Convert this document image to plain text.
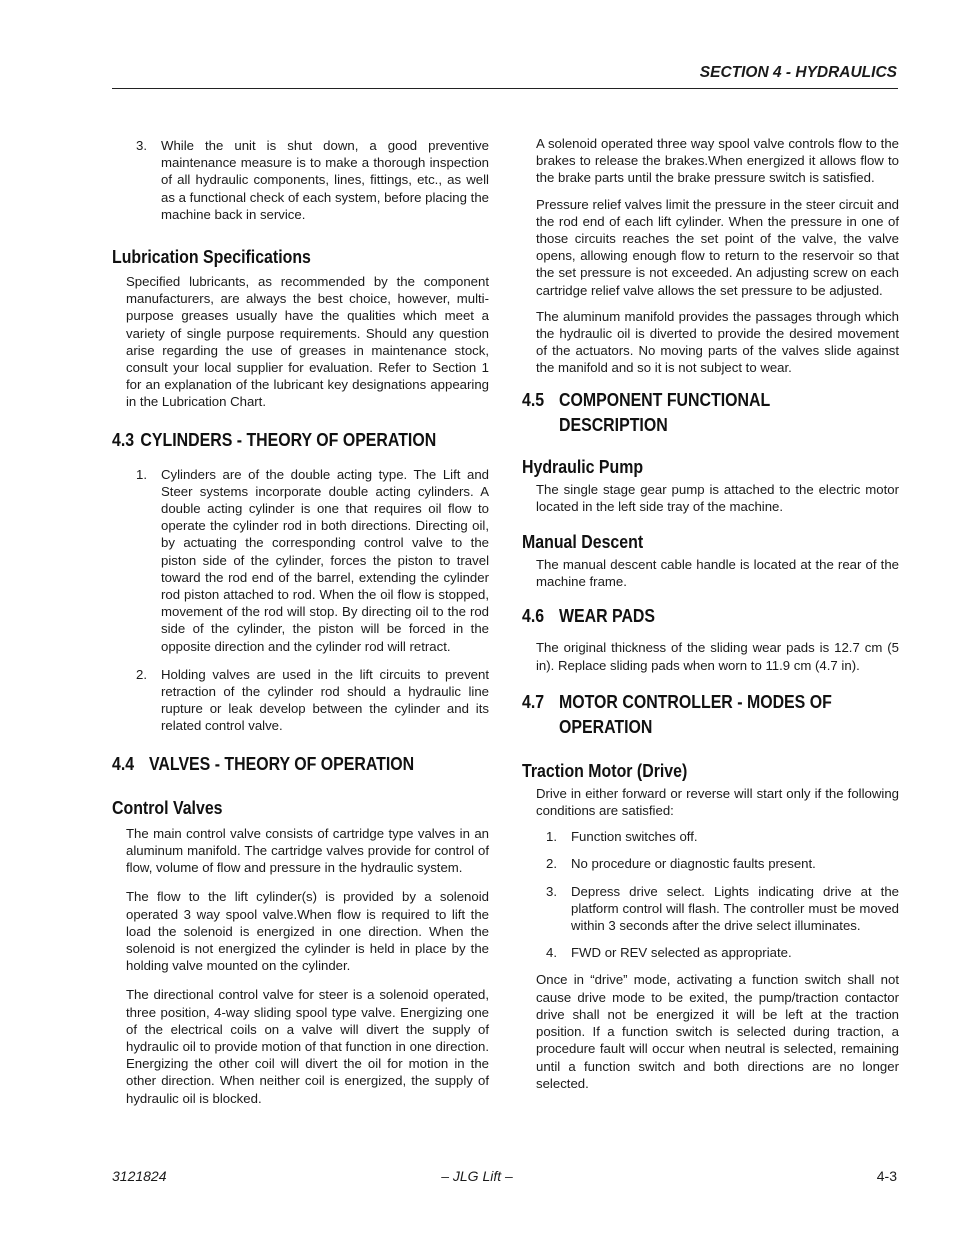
SECTION 4 - HYDRAULICS
3.	While the unit is shut down, a good preventive maintenance measure is to make a thorough inspection of all hydraulic components, lines, fittings, etc., as well as a functional check of each system, before placing the machine back in service.
Lubrication Specifications

Specified lubricants, as recommended by the component manufacturers, are always the best choice, however, multi-purpose greases usually have the qualities which meet a variety of single purpose requirements. Should any question arise regarding the use of greases in maintenance stock, consult your local supplier for evaluation. Refer to Section 1 for an explanation of the lubricant key designations appearing in the Lubrication Chart.

4.3 CYLINDERS - THEORY OF OPERATION
1.	Cylinders are of the double acting type. The Lift and Steer systems incorporate double acting cylinders. A double acting cylinder is one that requires oil flow to operate the cylinder rod in both directions. Directing oil, by actuating the corresponding control valve to the piston side of the cylinder, forces the piston to travel toward the rod end of the barrel, extending the cylinder rod piston attached to rod. When the oil flow is stopped, movement of the rod will stop. By directing oil to the rod side of the cylinder, the piston will be forced in the opposite direction and the cylinder rod will retract.
2.	Holding valves are used in the lift circuits to prevent retraction of the cylinder rod should a hydraulic line rupture or leak develop between the cylinder and its related control valve.
4.4 VALVES - THEORY OF OPERATION
Control Valves

The main control valve consists of cartridge type valves in an aluminum manifold. The cartridge valves provide for control of flow, volume of flow and pressure in the hydraulic system.

The flow to the lift cylinder(s) is provided by a solenoid operated 3 way spool valve.When flow is required to lift the load the solenoid is energized in one direction. When the solenoid is not energized the cylinder is held in place by the holding valve mounted on the cylinder.

The directional control valve for steer is a solenoid operated, three position, 4-way sliding spool type valve. Energizing one of the electrical coils on a valve will divert the supply of hydraulic oil to provide motion of that function in one direction. Energizing the other coil will divert the oil for motion in the other direction. When neither coil is energized, the supply of hydraulic oil is blocked.

A solenoid operated three way spool valve controls flow to the brakes to release the brakes.When energized it allows flow to the brake parts until the brake pressure switch is satisfied.

Pressure relief valves limit the pressure in the steer circuit and the rod end of each lift cylinder. When the pressure in one of those circuits reaches the set point of the valve, the valve opens, allowing enough flow to return to the reservoir so that the set pressure is not exceeded. An adjusting screw on each cartridge relief valve allows the set pressure to be adjusted.

The aluminum manifold provides the passages through which the hydraulic oil is diverted to provide the desired movement of the actuators. No moving parts of the valves slide against the manifold and so it is not subject to wear.

4.5 COMPONENT FUNCTIONAL
DESCRIPTION
Hydraulic Pump

The single stage gear pump is attached to the electric motor located in the left side tray of the machine.

Manual Descent

The manual descent cable handle is located at the rear of the machine frame.

4.6 WEAR PADS

The original thickness of the sliding wear pads is 12.7 cm (5 in). Replace sliding pads when worn to 11.9 cm (4.7 in).

4.7 MOTOR CONTROLLER - MODES OF
OPERATION
Traction Motor (Drive)

Drive in either forward or reverse will start only if the following conditions are satisfied:

1.	Function switches off.
2.	No procedure or diagnostic faults present.
3.	Depress drive select. Lights indicating drive at the platform control will flash. The controller must be moved within 3 seconds after the drive select illuminates.
4.	FWD or REV selected as appropriate.

Once in “drive” mode, activating a function switch shall not cause drive mode to be exited, the pump/traction contactor drive shall not be energized it will be left at the traction position. If a function switch is selected during traction, a procedure fault will occur when neutral is selected, remaining until a function switch and both directions are no longer selected.

3121824	– JLG Lift –	4-3
